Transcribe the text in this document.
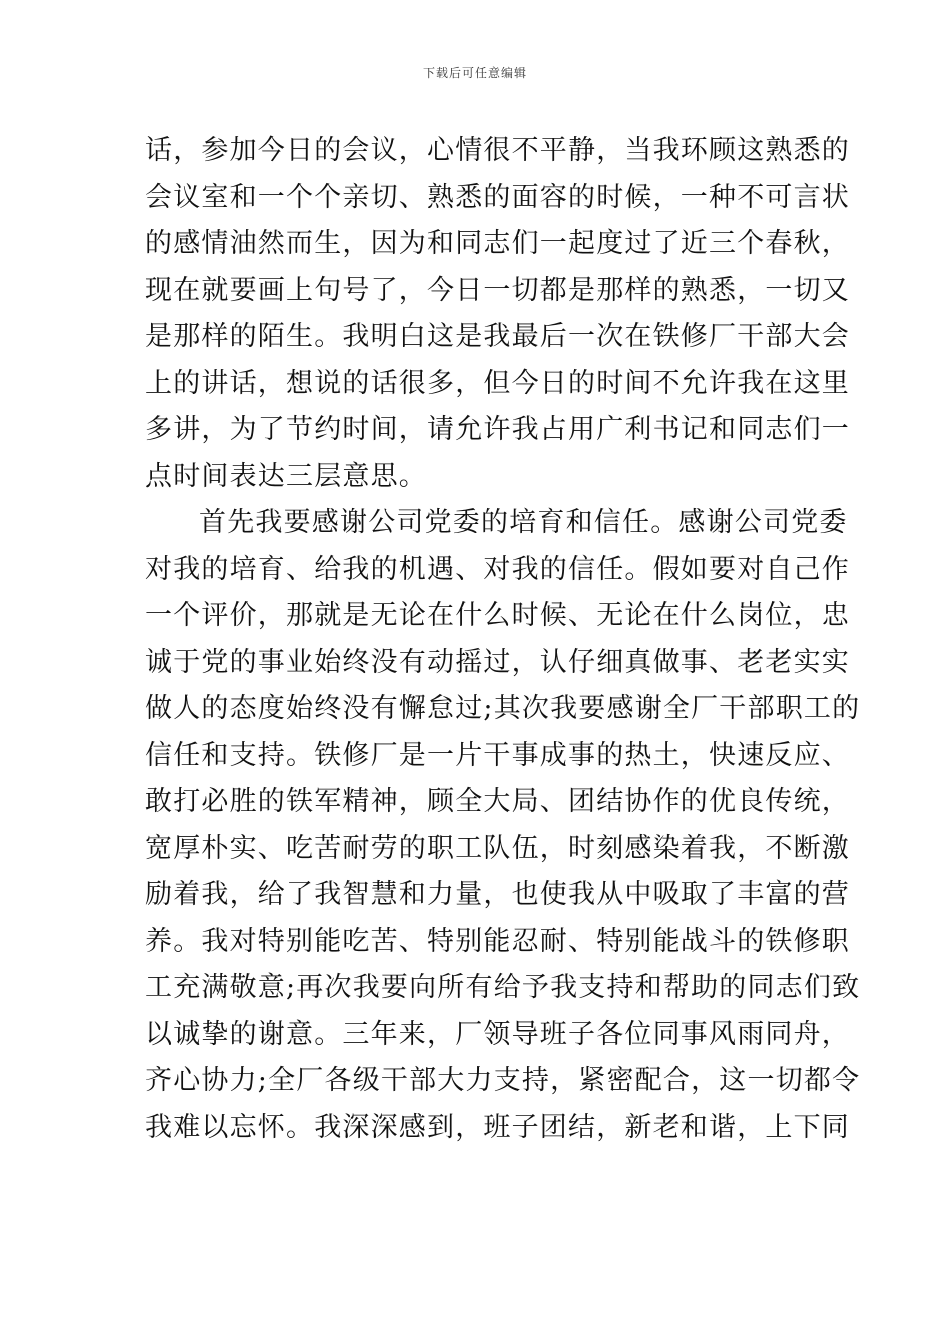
下载后可任意编辑
话，参加今日的会议，心情很不平静，当我环顾这熟悉的
会议室和一个个亲切、熟悉的面容的时候，一种不可言状
的感情油然而生，因为和同志们一起度过了近三个春秋，
现在就要画上句号了，今日一切都是那样的熟悉，一切又
是那样的陌生。我明白这是我最后一次在铁修厂干部大会
上的讲话，想说的话很多，但今日的时间不允许我在这里
多讲，为了节约时间，请允许我占用广利书记和同志们一
点时间表达三层意思。
首先我要感谢公司党委的培育和信任。感谢公司党委
对我的培育、给我的机遇、对我的信任。假如要对自己作
一个评价，那就是无论在什么时候、无论在什么岗位，忠
诚于党的事业始终没有动摇过，认仔细真做事、老老实实
做人的态度始终没有懈怠过;其次我要感谢全厂干部职工的
信任和支持。铁修厂是一片干事成事的热土，快速反应、
敢打必胜的铁军精神，顾全大局、团结协作的优良传统，
宽厚朴实、吃苦耐劳的职工队伍，时刻感染着我，不断激
励着我，给了我智慧和力量，也使我从中吸取了丰富的营
养。我对特别能吃苦、特别能忍耐、特别能战斗的铁修职
工充满敬意;再次我要向所有给予我支持和帮助的同志们致
以诚挚的谢意。三年来，厂领导班子各位同事风雨同舟，
齐心协力;全厂各级干部大力支持，紧密配合，这一切都令
我难以忘怀。我深深感到，班子团结，新老和谐，上下同
